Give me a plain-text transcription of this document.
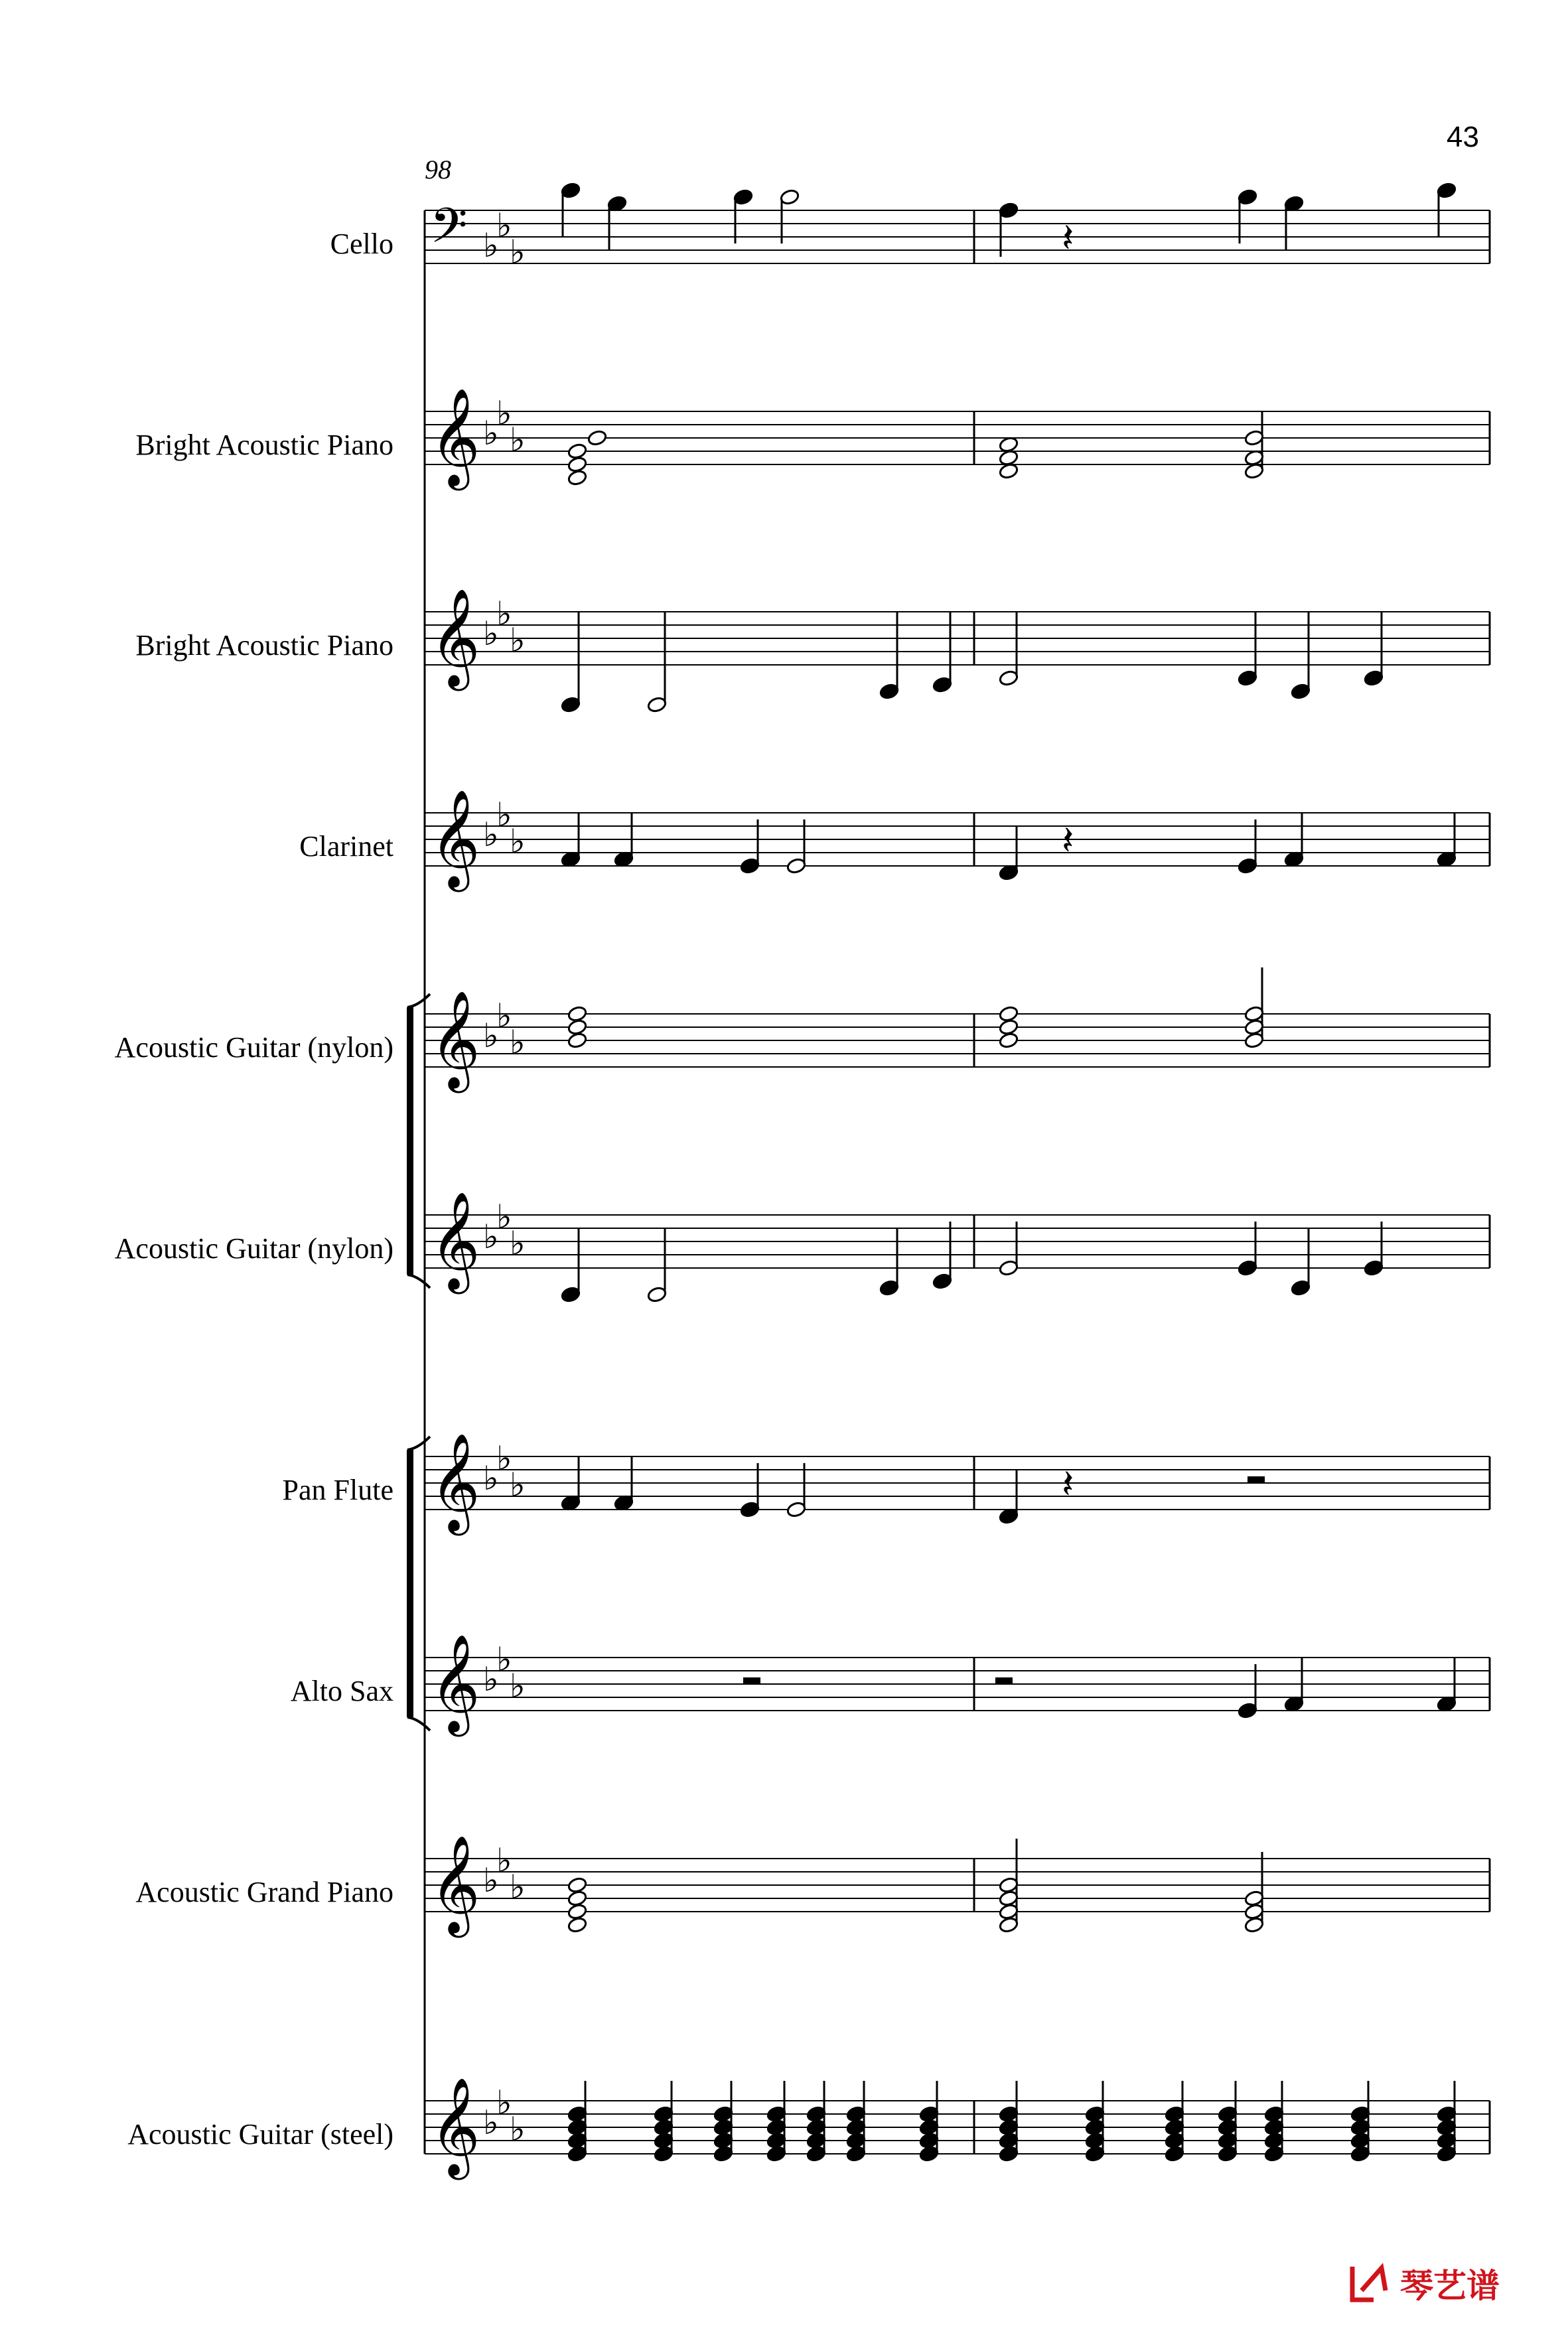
𝄢 ♭
♭
♭
𝄞 ♭
♭
♭
𝄞 ♭
♭
♭
𝄞 ♭
♭
♭
𝄞 ♭
♭
♭
𝄞 ♭
♭
♭
𝄞 ♭
♭
♭
𝄞 ♭
♭
♭
𝄞 ♭
♭
♭
𝄞 ♭
♭
♭
𝄽
𝄽
𝄽
43
98
Cello
Bright Acoustic Piano
Bright Acoustic Piano
Clarinet
Acoustic Guitar (nylon)
Acoustic Guitar (nylon)
Pan Flute
Alto Sax
Acoustic Grand Piano
Acoustic Guitar (steel)
琴艺谱
